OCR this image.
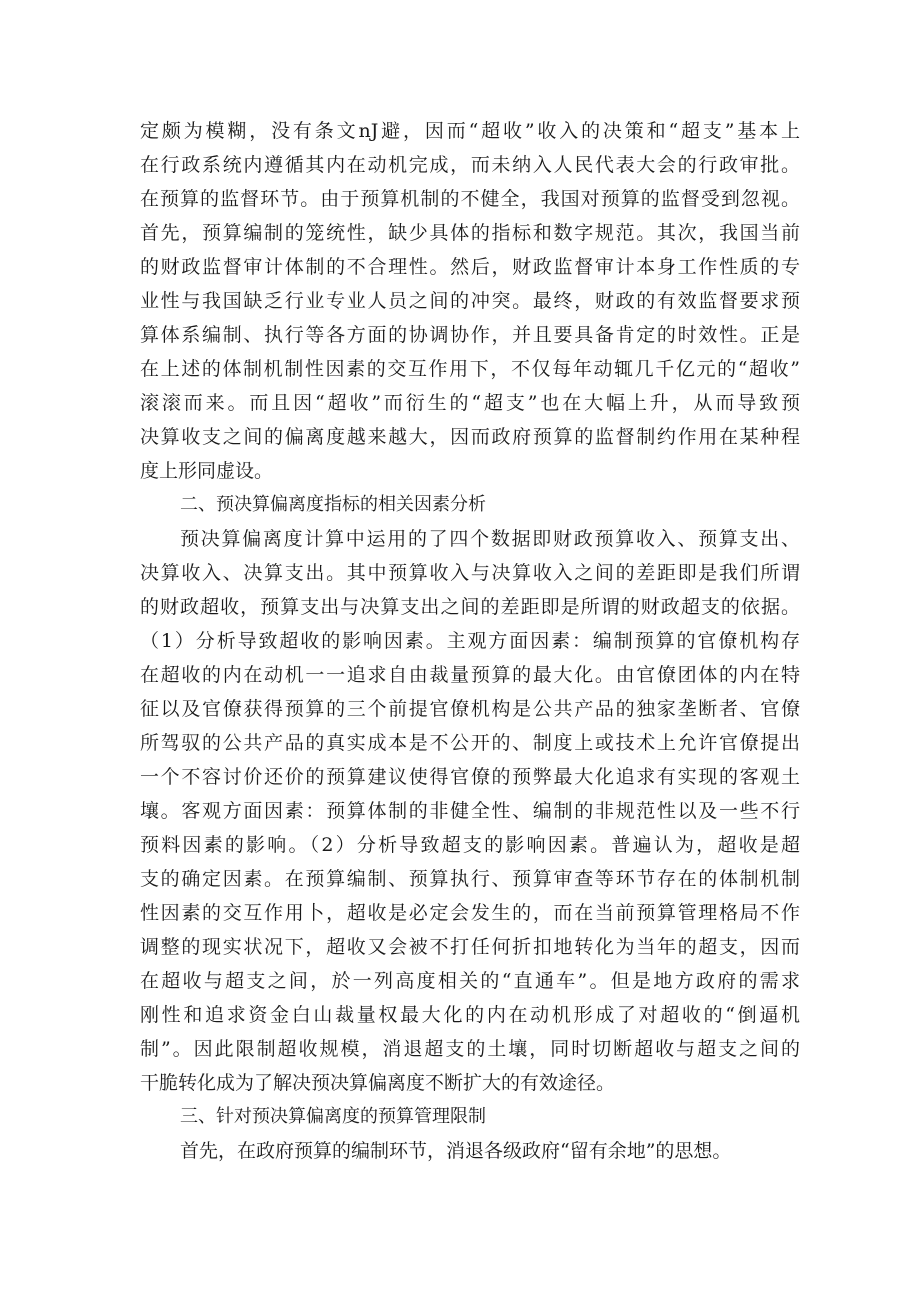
定颇为模糊，没有条文nJ避，因而“超收”收入的决策和“超支”基本上
在行政系统内遵循其内在动机完成，而未纳入人民代表大会的行政审批。
在预算的监督环节。由于预算机制的不健全，我国对预算的监督受到忽视。
首先，预算编制的笼统性，缺少具体的指标和数字规范。其次，我国当前
的财政监督审计体制的不合理性。然后，财政监督审计本身工作性质的专
业性与我国缺乏行业专业人员之间的冲突。最终，财政的有效监督要求预
算体系编制、执行等各方面的协调协作，并且要具备肯定的时效性。正是
在上述的体制机制性因素的交互作用下，不仅每年动辄几千亿元的“超收”
滚滚而来。而且因“超收”而衍生的“超支”也在大幅上升，从而导致预
决算收支之间的偏离度越来越大，因而政府预算的监督制约作用在某种程
度上形同虚设。
二、预决算偏离度指标的相关因素分析
预决算偏离度计算中运用的了四个数据即财政预算收入、预算支出、
决算收入、决算支出。其中预算收入与决算收入之间的差距即是我们所谓
的财政超收，预算支出与决算支出之间的差距即是所谓的财政超支的依据。
（1）分析导致超收的影响因素。主观方面因素：编制预算的官僚机构存
在超收的内在动机一一追求自由裁量预算的最大化。由官僚团体的内在特
征以及官僚获得预算的三个前提官僚机构是公共产品的独家垄断者、官僚
所驾驭的公共产品的真实成本是不公开的、制度上或技术上允许官僚提出
一个不容讨价还价的预算建议使得官僚的预弊最大化追求有实现的客观土
壤。客观方面因素：预算体制的非健全性、编制的非规范性以及一些不行
预料因素的影响。（2）分析导致超支的影响因素。普遍认为，超收是超
支的确定因素。在预算编制、预算执行、预算审查等环节存在的体制机制
性因素的交互作用卜，超收是必定会发生的，而在当前预算管理格局不作
调整的现实状况下，超收又会被不打任何折扣地转化为当年的超支，因而
在超收与超支之间，於一列高度相关的“直通车”。但是地方政府的需求
刚性和追求资金白山裁量权最大化的内在动机形成了对超收的“倒逼机
制”。因此限制超收规模，消退超支的土壤，同时切断超收与超支之间的
干脆转化成为了解决预决算偏离度不断扩大的有效途径。
三、针对预决算偏离度的预算管理限制
首先，在政府预算的编制环节，消退各级政府“留有余地”的思想。
